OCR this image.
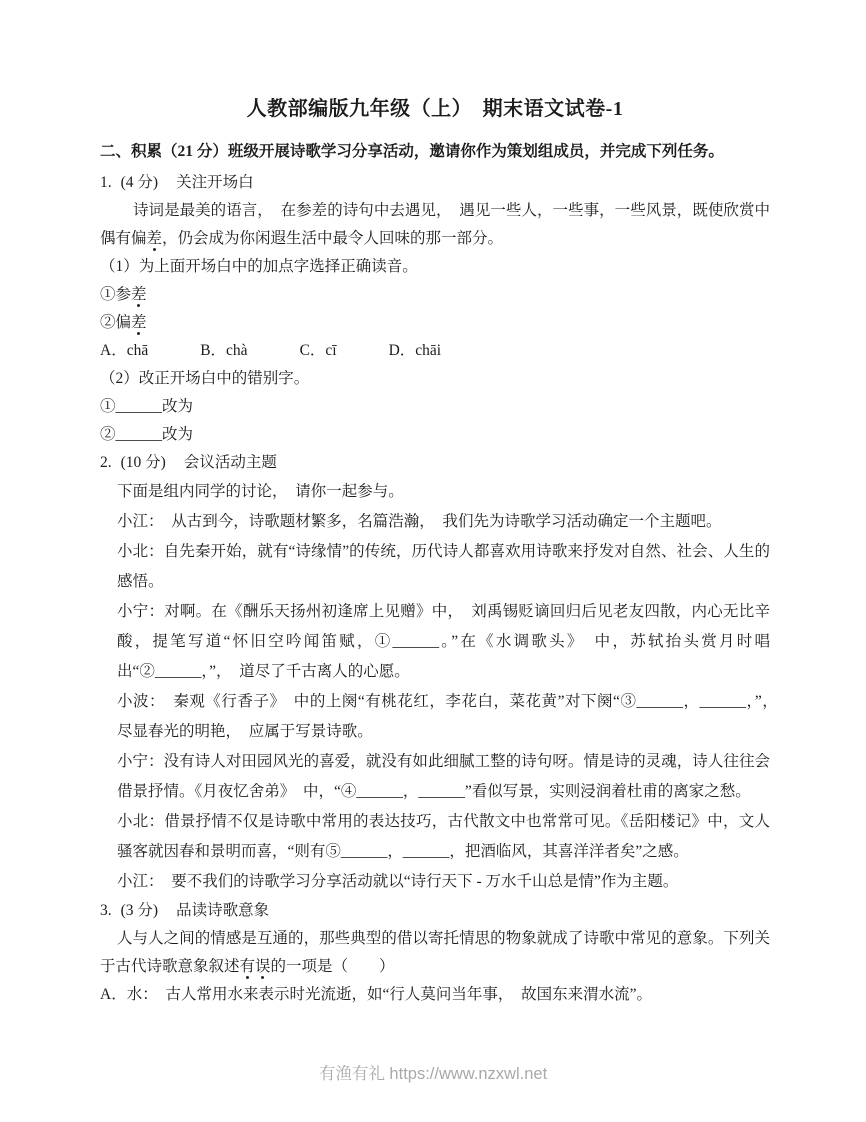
人教部编版九年级（上）　期末语文试卷-1

二、积累（21 分）班级开展诗歌学习分享活动，邀请你作为策划组成员，并完成下列任务。

1. (4 分) 关注开场白

诗词是最美的语言，　在参差的诗句中去遇见，　遇见一些人，一些事，一些风景，既使欣赏中偶有偏差，仍会成为你闲遐生活中最令人回味的那一部分。

（1）为上面开场白中的加点字选择正确读音。

①参差

②偏差

A．chā	B．chà	C．cī	D．chāi

（2）改正开场白中的错别字。

①______改为

②______改为

2. (10 分) 会议活动主题

下面是组内同学的讨论，　请你一起参与。

小江：　从古到今，诗歌题材繁多，名篇浩瀚，　我们先为诗歌学习活动确定一个主题吧。

小北：自先秦开始，就有“诗缘情”的传统，历代诗人都喜欢用诗歌来抒发对自然、社会、人生的感悟。

小宁：对啊。在《酬乐天扬州初逢席上见赠》中，　刘禹锡贬谪回归后见老友四散，内心无比辛酸，提笔写道“怀旧空吟闻笛赋，①______。”在《水调歌头》　中，苏轼抬头赏月时唱出“②______，”，　道尽了千古离人的心愿。

小波：　秦观《行香子》　中的上阕“有桃花红，李花白，菜花黄”对下阕“③______，______，”，　尽显春光的明艳，　应属于写景诗歌。

小宁：没有诗人对田园风光的喜爱，就没有如此细腻工整的诗句呀。情是诗的灵魂，诗人往往会借景抒情。《月夜忆舍弟》　中，“④______，______”看似写景，实则浸润着杜甫的离家之愁。

小北：借景抒情不仅是诗歌中常用的表达技巧，古代散文中也常常可见。《岳阳楼记》中，文人骚客就因春和景明而喜，“则有⑤______，______，把酒临风，其喜洋洋者矣”之感。

小江：　要不我们的诗歌学习分享活动就以“诗行天下 - 万水千山总是情”作为主题。

3. (3 分) 品读诗歌意象

人与人之间的情感是互通的，那些典型的借以寄托情思的物象就成了诗歌中常见的意象。下列关于古代诗歌意象叙述有误的一项是（　　）

A．水：　古人常用水来表示时光流逝，如“行人莫问当年事，　故国东来渭水流”。

有渔有礼 https://www.nzxwl.net
